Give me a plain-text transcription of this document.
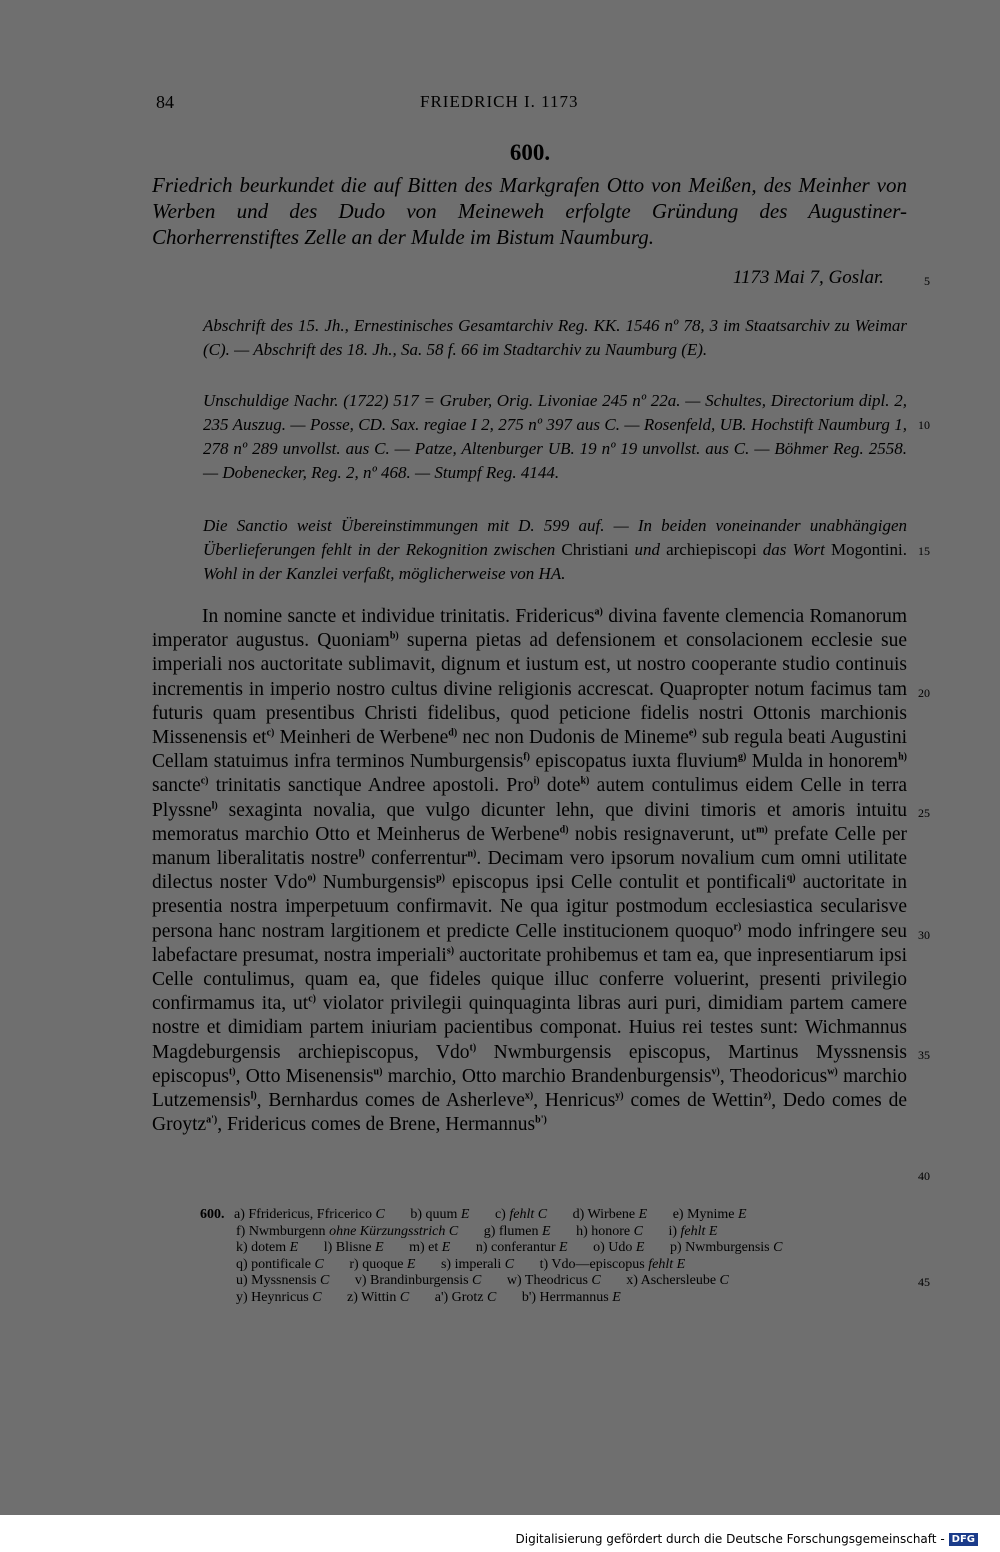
84	FRIEDRICH I. 1173
600.
Friedrich beurkundet die auf Bitten des Markgrafen Otto von Meißen, des Meinher von Werben und des Dudo von Meineweh erfolgte Gründung des Augustiner-Chorherrenstiftes Zelle an der Mulde im Bistum Naumburg.
1173 Mai 7, Goslar.	5
10
15
20
25
30
35
40
45
Abschrift des 15. Jh., Ernestinisches Gesamtarchiv Reg. KK. 1546 nº 78, 3 im Staatsarchiv zu Weimar (C). — Abschrift des 18. Jh., Sa. 58 f. 66 im Stadtarchiv zu Naumburg (E).
Unschuldige Nachr. (1722) 517 = Gruber, Orig. Livoniae 245 nº 22a. — Schultes, Directorium dipl. 2, 235 Auszug. — Posse, CD. Sax. regiae I 2, 275 nº 397 aus C. — Rosenfeld, UB. Hochstift Naumburg 1, 278 nº 289 unvollst. aus C. — Patze, Altenburger UB. 19 nº 19 unvollst. aus C. — Böhmer Reg. 2558. — Dobenecker, Reg. 2, nº 468. — Stumpf Reg. 4144.
Die Sanctio weist Übereinstimmungen mit D. 599 auf. — In beiden voneinander unabhängigen Überlieferungen fehlt in der Rekognition zwischen Christiani und archiepiscopi das Wort Mogontini. Wohl in der Kanzlei verfaßt, möglicherweise von HA.

In nomine sancte et individue trinitatis. Fridericus$^{a)}$ divina favente clemencia Romanorum imperator augustus. Quoniam$^{b)}$ superna pietas ad defensionem et consolacionem ecclesie sue imperiali nos auctoritate sublimavit, dignum et iustum est, ut nostro cooperante studio continuis incrementis in imperio nostro cultus divine religionis accrescat. Quapropter notum facimus tam futuris quam presentibus Christi fidelibus, quod peticione fidelis nostri Ottonis marchionis Missenensis $et^{c)}$ Meinheri de Werbene$^{d)}$ nec non Dudonis de Mineme$^{e)}$ sub regula beati Augustini Cellam statuimus infra terminos Numburgensis$^{f)}$ episcopatus iuxta fluvium$^{g)}$ Mulda in honorem$^{h)}$ sancte$^{c)}$ trinitatis sanctique Andree apostoli. Pro$^{i)}$ dote$^{k)}$ autem contulimus eidem Celle in terra Plyssne$^{l)}$ sexaginta novalia, que vulgo dicunter lehn, que divini timoris et amoris intuitu memoratus marchio Otto et Meinherus de Werbene$^{d)}$ nobis resignaverunt, $ut^{m)}$ prefate Celle per manum liberalitatis nostre$^{l)}$ conferrentur$^{n)}$. Decimam vero ipsorum novalium cum omni utilitate dilectus noster Vdo$^{o)}$ Numburgensis$^{p)}$ episcopus ipsi Celle contulit et pontificali$^{q)}$ auctoritate in presentia nostra imperpetuum confirmavit. Ne qua igitur postmodum ecclesiastica secularisve persona hanc nostram largitionem et predicte Celle institucionem quoquo$^{r)}$ modo infringere seu labefactare presumat, nostra imperiali$^{s)}$ auctoritate prohibemus et tam ea, que inpresentiarum ipsi Celle contulimus, quam ea, que fideles quique illuc conferre voluerint, presenti privilegio confirmamus ita, $ut^{c)}$ violator privilegii quinquaginta libras auri puri, dimidiam partem camere nostre et dimidiam partem iniuriam pacientibus componat. Huius rei testes sunt: Wichmannus Magdeburgensis archiepiscopus, Vdo$^{t)}$ Nwmburgensis episcopus, Martinus Myssnensis episcopus$^{t)}$, Otto Misenensis$^{u)}$ marchio, Otto marchio Brandenburgensis$^{v)}$, Theodoricus$^{w)}$ marchio Lutzemensis$^{l)}$, Bernhardus comes de Asherleve$^{x)}$, Henricus$^{y)}$ comes de Wettin$^{z)}$, Dedo comes de Groytz$^{a')}$, Fridericus comes de Brene, Hermannus$^{b')}$

600. a) Ffridericus, Ffricerico C b) quum E c) fehlt C d) Wirbene E e) Mynime E
f) Nwmburgenn ohne Kürzungsstrich C g) flumen E h) honore C i) fehlt E
k) dotem E l) Blisne E m) et E n) conferantur E o) Udo E p) Nwmburgensis C
q) pontificale C r) quoque E s) imperali C t) Vdo—episcopus fehlt E
u) Myssnensis C v) Brandinburgensis C w) Theodricus C x) Aschersleube C
y) Heynricus C z) Wittin C a') Grotz C b') Herrmannus E
Digitalisierung gefördert durch die Deutsche Forschungsgemeinschaft - DFG
